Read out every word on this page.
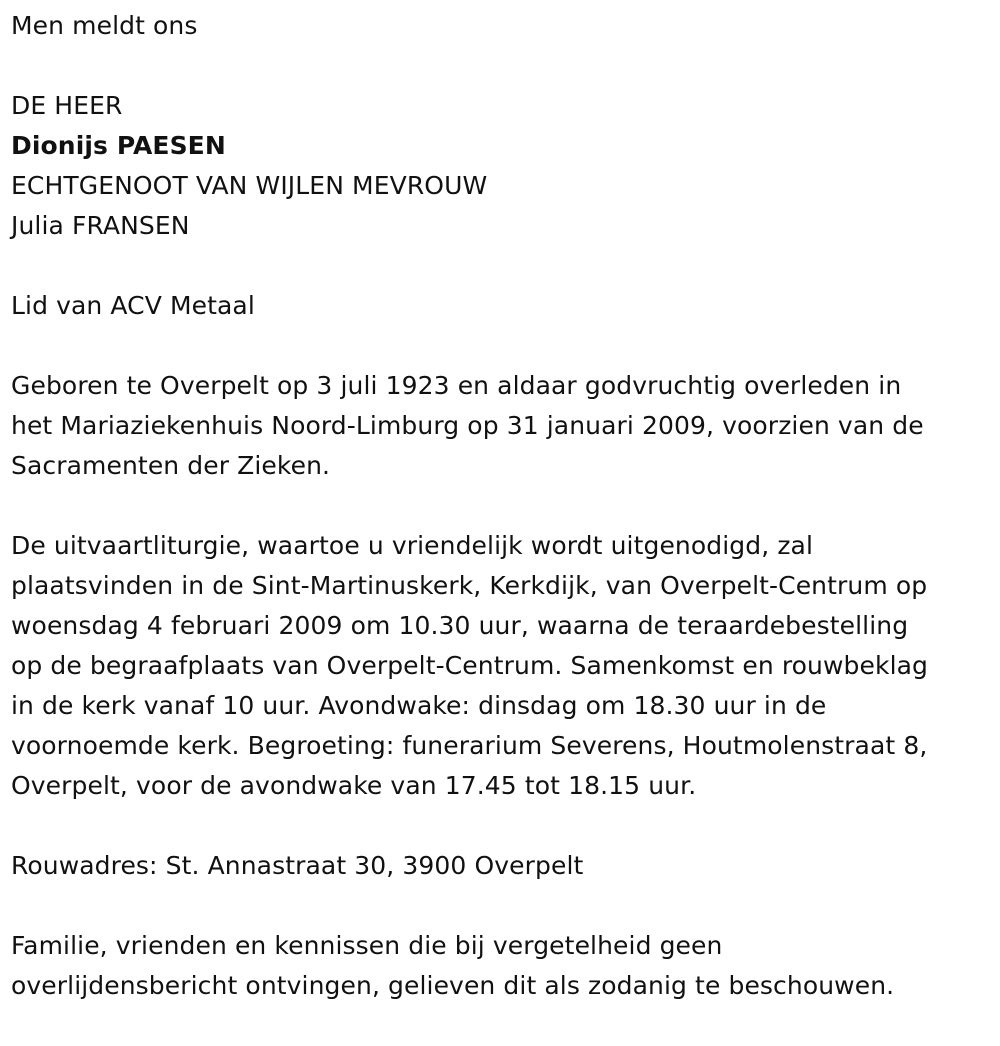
Men meldt ons
DE HEER
Dionijs PAESEN
ECHTGENOOT VAN WIJLEN MEVROUW
Julia FRANSEN
Lid van ACV Metaal
Geboren te Overpelt op 3 juli 1923 en aldaar godvruchtig overleden in
het Mariaziekenhuis Noord-Limburg op 31 januari 2009, voorzien van de
Sacramenten der Zieken.
De uitvaartliturgie, waartoe u vriendelijk wordt uitgenodigd, zal
plaatsvinden in de Sint-Martinuskerk, Kerkdijk, van Overpelt-Centrum op
woensdag 4 februari 2009 om 10.30 uur, waarna de teraardebestelling
op de begraafplaats van Overpelt-Centrum. Samenkomst en rouwbeklag
in de kerk vanaf 10 uur. Avondwake: dinsdag om 18.30 uur in de
voornoemde kerk. Begroeting: funerarium Severens, Houtmolenstraat 8,
Overpelt, voor de avondwake van 17.45 tot 18.15 uur.
Rouwadres: St. Annastraat 30, 3900 Overpelt
Familie, vrienden en kennissen die bij vergetelheid geen
overlijdensbericht ontvingen, gelieven dit als zodanig te beschouwen.
